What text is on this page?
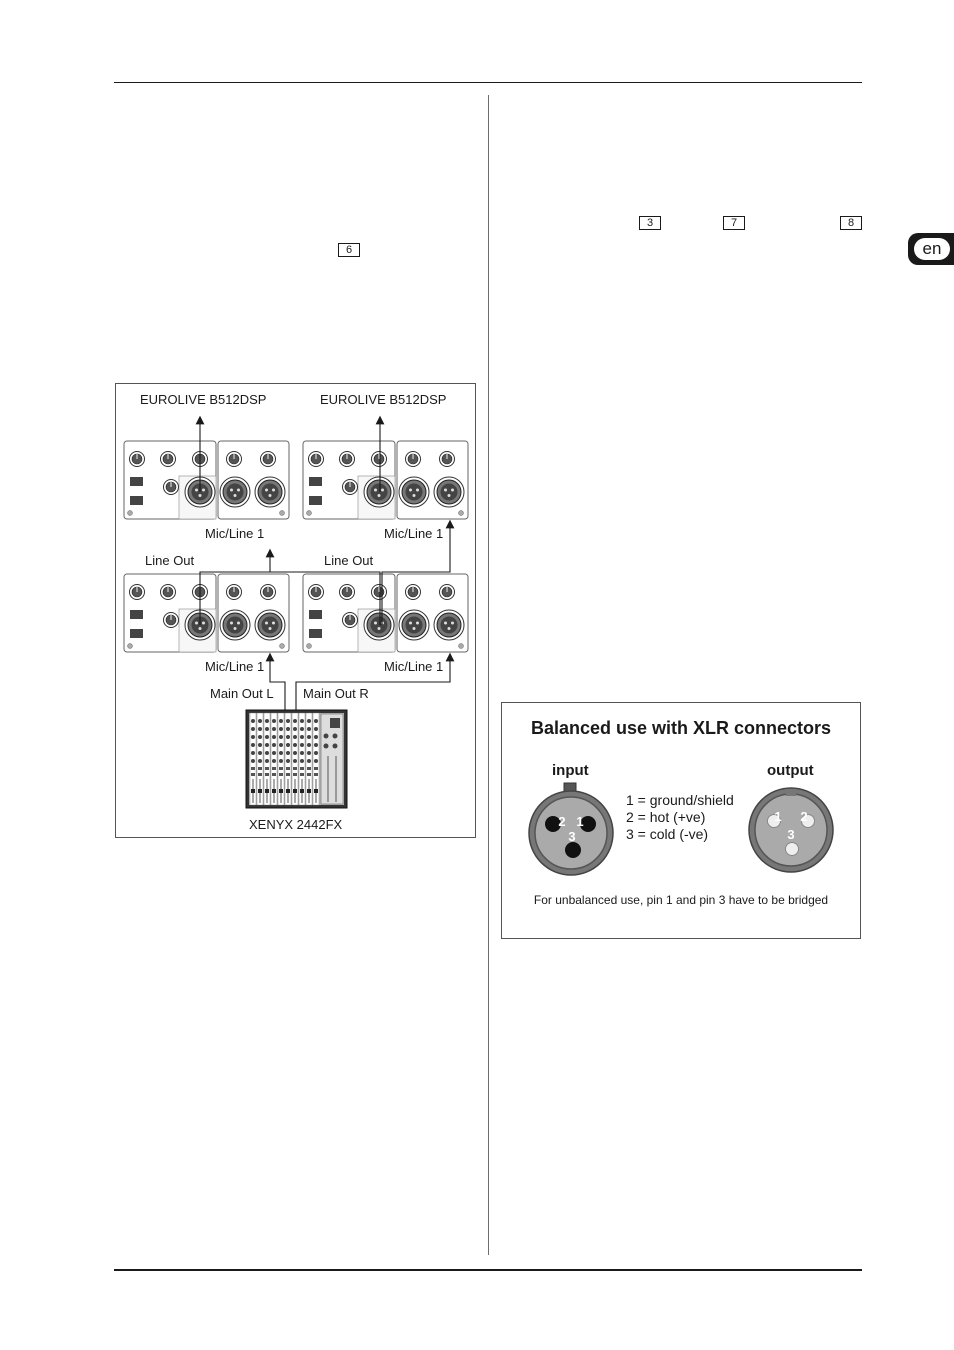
en
6
3	7	8
EUROLIVE B512DSP	EUROLIVE B512DSP
Mic/Line 1	Mic/Line 1
Line Out	Line Out
Mic/Line 1	Mic/Line 1
Main Out L Main Out R
XENYX 2442FX
Balanced use with XLR connectors
input	output
2 1
3
1 2
3
1 = ground/shield
2 = hot (+ve)
3 = cold (-ve)
For unbalanced use, pin 1 and pin 3 have to be bridged
